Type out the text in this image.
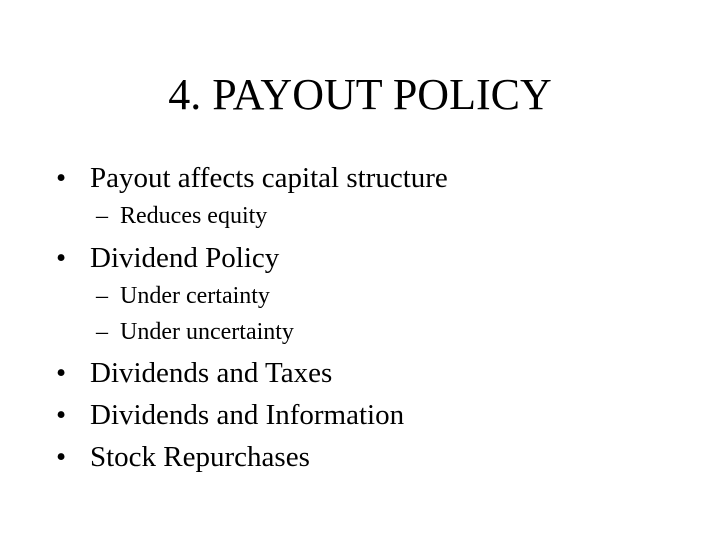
4. PAYOUT POLICY
• Payout affects capital structure
– Reduces equity
• Dividend Policy
– Under certainty
– Under uncertainty
• Dividends and Taxes
• Dividends and Information
• Stock Repurchases
